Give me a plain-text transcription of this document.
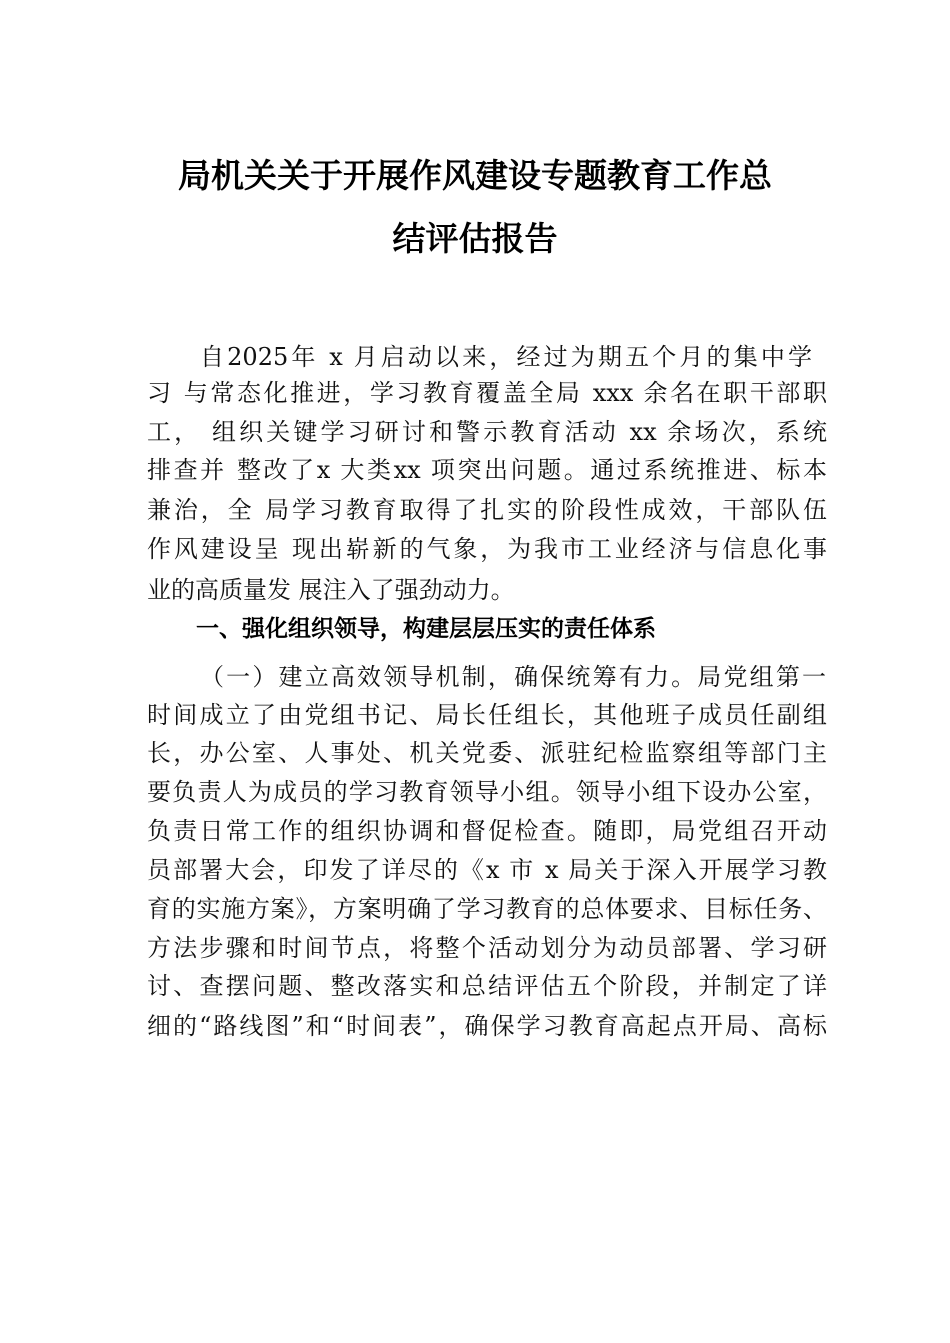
局机关关于开展作风建设专题教育工作总
结评估报告
自2025年 x 月启动以来，经过为期五个月的集中学
习 与常态化推进，学习教育覆盖全局 xxx 余名在职干部职
工， 组织关键学习研讨和警示教育活动 xx 余场次，系统
排查并 整改了x 大类xx 项突出问题。通过系统推进、标本
兼治，全 局学习教育取得了扎实的阶段性成效，干部队伍
作风建设呈 现出崭新的气象，为我市工业经济与信息化事
业的高质量发 展注入了强劲动力。
一、强化组织领导，构建层层压实的责任体系
（一）建立高效领导机制，确保统筹有力。局党组第一
时间成立了由党组书记、局长任组长，其他班子成员任副组
长，办公室、人事处、机关党委、派驻纪检监察组等部门主
要负责人为成员的学习教育领导小组。领导小组下设办公室，
负责日常工作的组织协调和督促检查。随即，局党组召开动
员部署大会，印发了详尽的《x 市 x 局关于深入开展学习教
育的实施方案》，方案明确了学习教育的总体要求、目标任务、
方法步骤和时间节点，将整个活动划分为动员部署、学习研
讨、查摆问题、整改落实和总结评估五个阶段，并制定了详
细的“路线图”和“时间表”，确保学习教育高起点开局、高标
